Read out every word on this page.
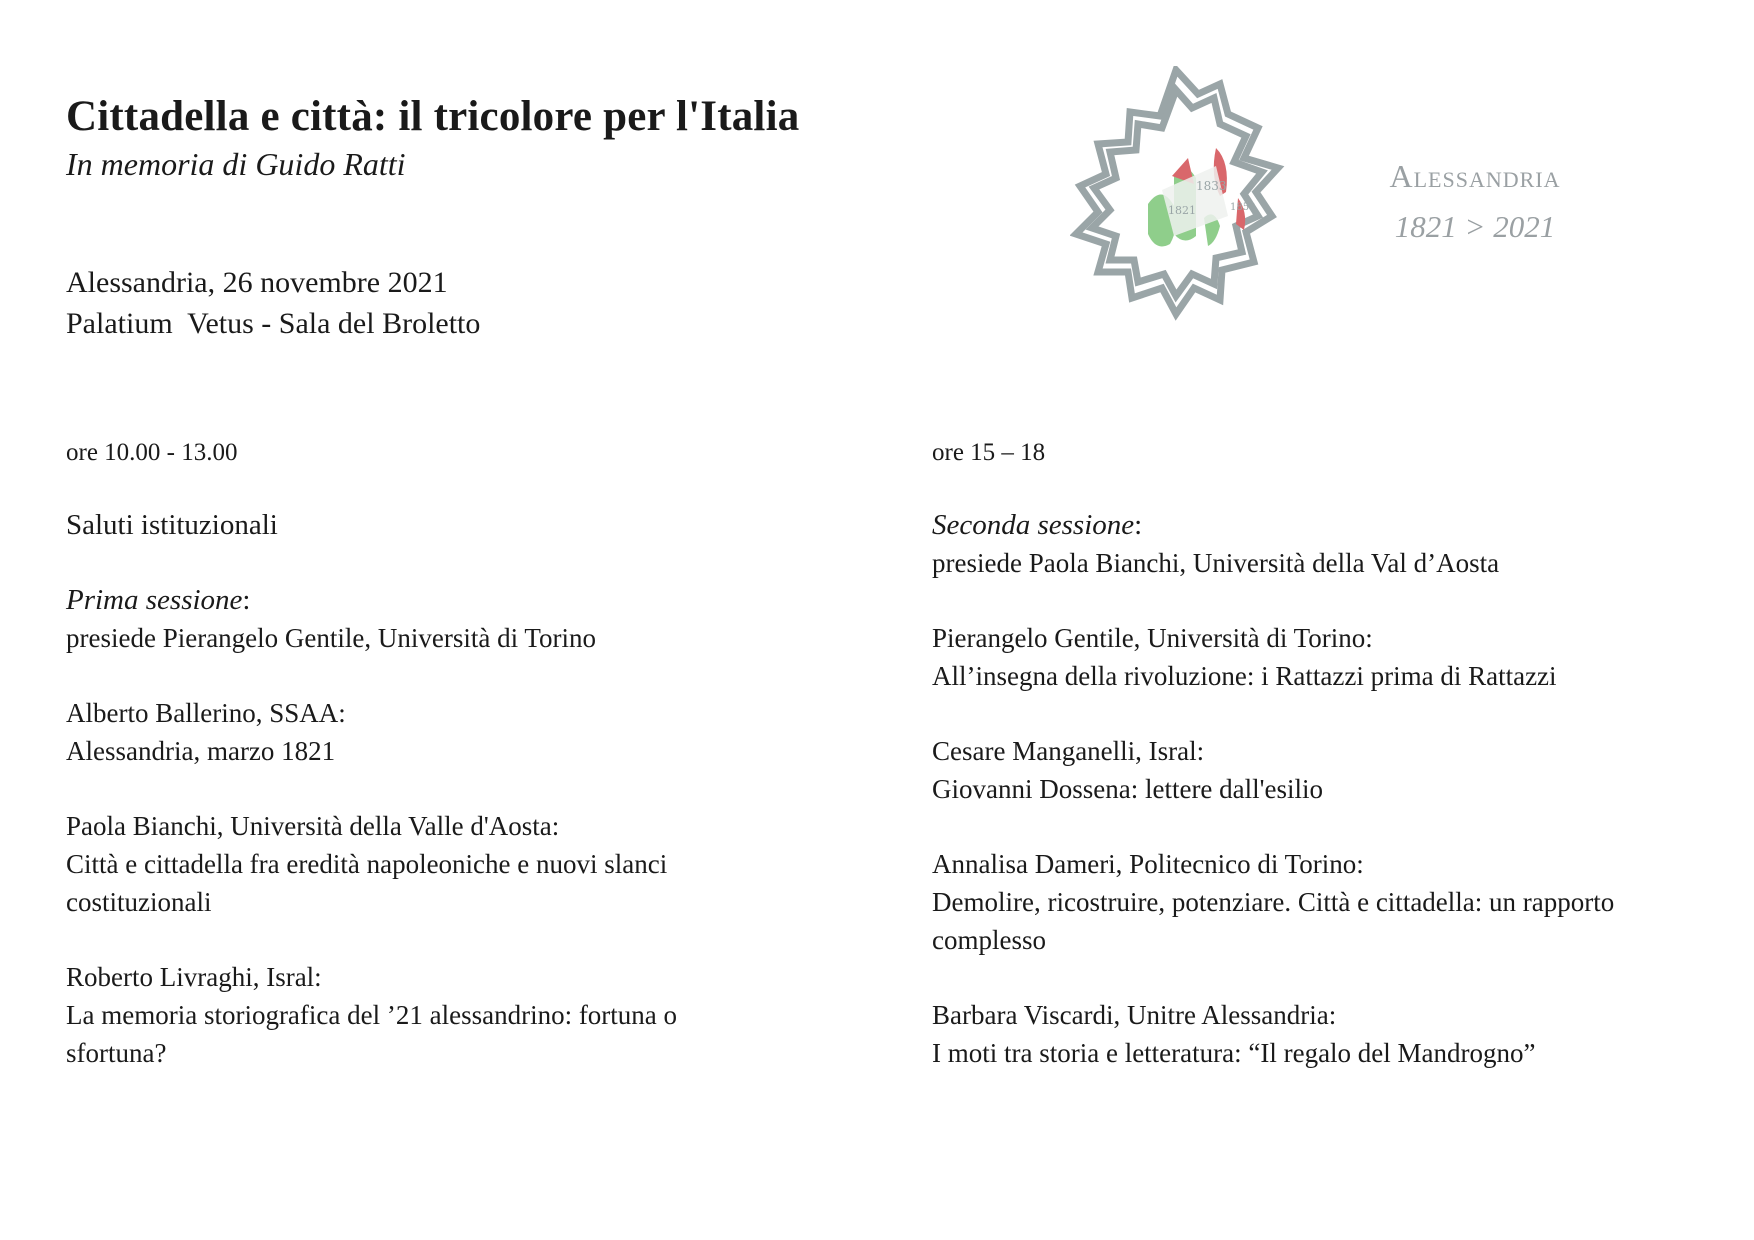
Cittadella e città: il tricolore per l'Italia
In memoria di Guido Ratti
Alessandria, 26 novembre 2021
Palatium  Vetus - Sala del Broletto
1821
1833
1859
Alessandria
1821 > 2021
ore 10.00 - 13.00
Saluti istituzionali
Prima sessione:
presiede Pierangelo Gentile, Università di Torino
Alberto Ballerino, SSAA:
Alessandria, marzo 1821
Paola Bianchi, Università della Valle d'Aosta:
Città e cittadella fra eredità napoleoniche e nuovi slanci costituzionali
Roberto Livraghi, Isral:
La memoria storiografica del ’21 alessandrino: fortuna o sfortuna?
ore 15 – 18
Seconda sessione:
presiede Paola Bianchi, Università della Val d’Aosta
Pierangelo Gentile, Università di Torino:
All’insegna della rivoluzione: i Rattazzi prima di Rattazzi
Cesare Manganelli, Isral:
Giovanni Dossena: lettere dall'esilio
Annalisa Dameri, Politecnico di Torino:
Demolire, ricostruire, potenziare. Città e cittadella: un rapporto complesso
Barbara Viscardi, Unitre Alessandria:
I moti tra storia e letteratura: “Il regalo del Mandrogno”
